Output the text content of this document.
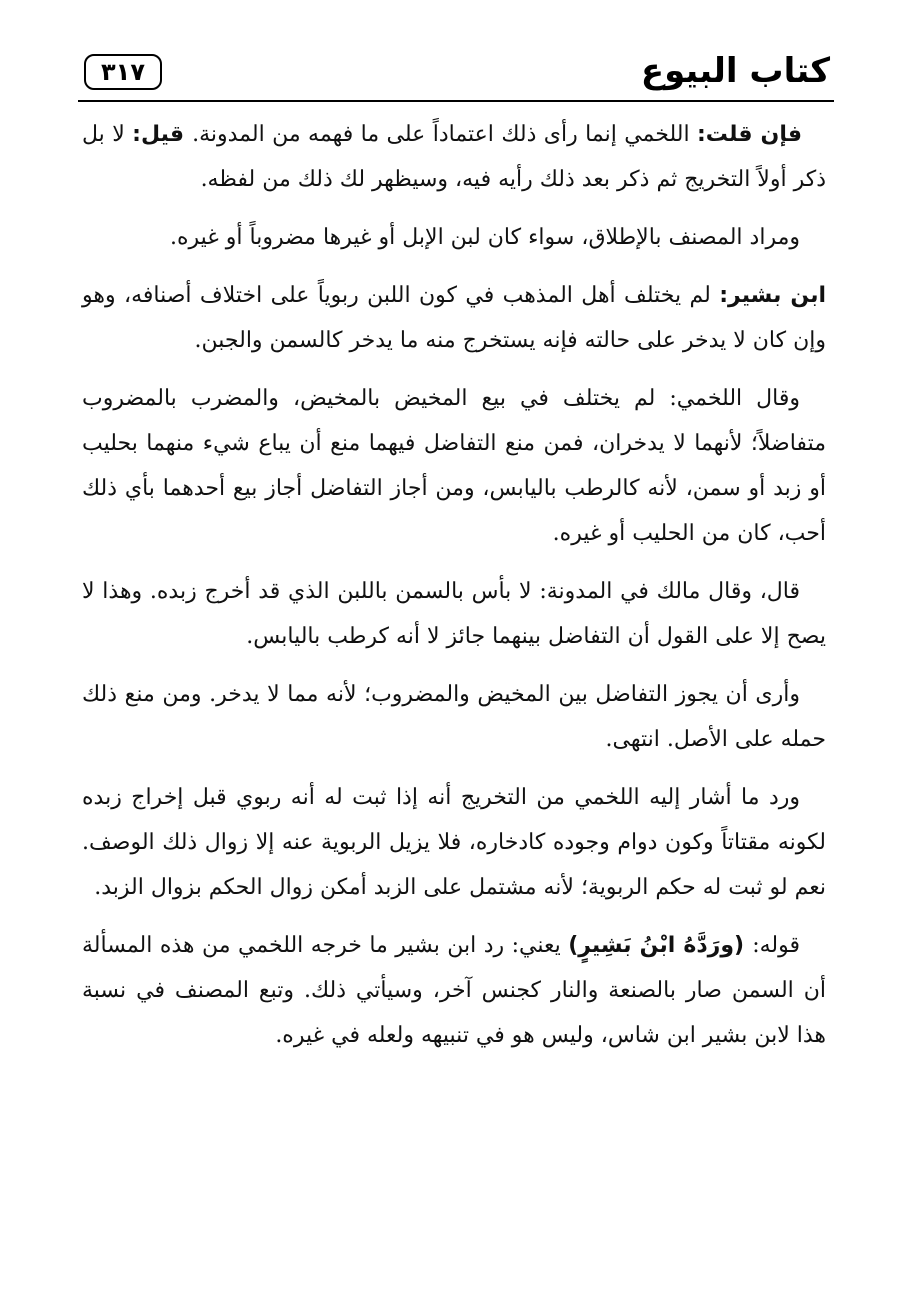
كتاب البيوع
٣١٧

فإن قلت: اللخمي إنما رأى ذلك اعتماداً على ما فهمه من المدونة. قيل: لا بل ذكر أولاً التخريج ثم ذكر بعد ذلك رأيه فيه، وسيظهر لك ذلك من لفظه.

ومراد المصنف بالإطلاق، سواء كان لبن الإبل أو غيرها مضروباً أو غيره.

ابن بشير: لم يختلف أهل المذهب في كون اللبن ربوياً على اختلاف أصنافه، وهو وإن كان لا يدخر على حالته فإنه يستخرج منه ما يدخر كالسمن والجبن.

وقال اللخمي: لم يختلف في بيع المخيض بالمخيض، والمضرب بالمضروب متفاضلاً؛ لأنهما لا يدخران، فمن منع التفاضل فيهما منع أن يباع شيء منهما بحليب أو زبد أو سمن، لأنه كالرطب باليابس، ومن أجاز التفاضل أجاز بيع أحدهما بأي ذلك أحب، كان من الحليب أو غيره.

قال، وقال مالك في المدونة: لا بأس بالسمن باللبن الذي قد أخرج زبده. وهذا لا يصح إلا على القول أن التفاضل بينهما جائز لا أنه كرطب باليابس.

وأرى أن يجوز التفاضل بين المخيض والمضروب؛ لأنه مما لا يدخر. ومن منع ذلك حمله على الأصل. انتهى.

ورد ما أشار إليه اللخمي من التخريج أنه إذا ثبت له أنه ربوي قبل إخراج زبده لكونه مقتاتاً وكون دوام وجوده كادخاره، فلا يزيل الربوية عنه إلا زوال ذلك الوصف. نعم لو ثبت له حكم الربوية؛ لأنه مشتمل على الزبد أمكن زوال الحكم بزوال الزبد.

قوله: (ورَدَّهُ ابْنُ بَشِيرٍ) يعني: رد ابن بشير ما خرجه اللخمي من هذه المسألة أن السمن صار بالصنعة والنار كجنس آخر، وسيأتي ذلك. وتبع المصنف في نسبة هذا لابن بشير ابن شاس، وليس هو في تنبيهه ولعله في غيره.
